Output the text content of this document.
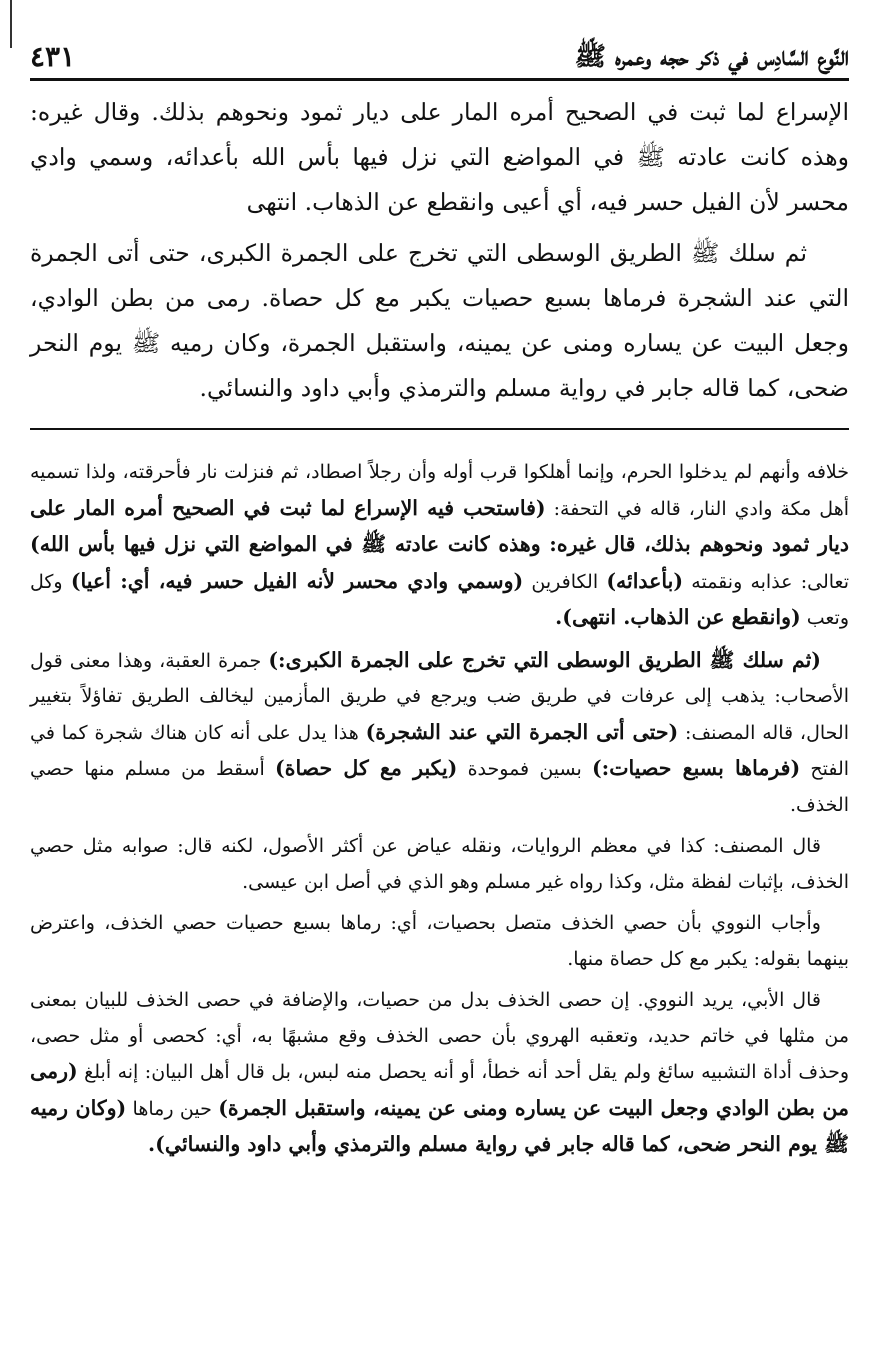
النَّوع السَّادِس في ذكر حجه وعمره ﷺ
٤٣١

الإسراع لما ثبت في الصحيح أمره المار على ديار ثمود ونحوهم بذلك. وقال غيره: وهذه كانت عادته ﷺ في المواضع التي نزل فيها بأس الله بأعدائه، وسمي وادي محسر لأن الفيل حسر فيه، أي أعيى وانقطع عن الذهاب. انتهى

ثم سلك ﷺ الطريق الوسطى التي تخرج على الجمرة الكبرى، حتى أتى الجمرة التي عند الشجرة فرماها بسبع حصيات يكبر مع كل حصاة. رمى من بطن الوادي، وجعل البيت عن يساره ومنى عن يمينه، واستقبل الجمرة، وكان رميه ﷺ يوم النحر ضحى، كما قاله جابر في رواية مسلم والترمذي وأبي داود والنسائي.

خلافه وأنهم لم يدخلوا الحرم، وإنما أهلكوا قرب أوله وأن رجلاً اصطاد، ثم فنزلت نار فأحرقته، ولذا تسميه أهل مكة وادي النار، قاله في التحفة: (فاستحب فيه الإسراع لما ثبت في الصحيح أمره المار على ديار ثمود ونحوهم بذلك، قال غيره: وهذه كانت عادته ﷺ في المواضع التي نزل فيها بأس الله) تعالى: عذابه ونقمته (بأعدائه) الكافرين (وسمي وادي محسر لأنه الفيل حسر فيه، أي: أعيا) وكل وتعب (وانقطع عن الذهاب. انتهى).

(ثم سلك ﷺ الطريق الوسطى التي تخرج على الجمرة الكبرى:) جمرة العقبة، وهذا معنى قول الأصحاب: يذهب إلى عرفات في طريق ضب ويرجع في طريق المأزمين ليخالف الطريق تفاؤلاً بتغيير الحال، قاله المصنف: (حتى أتى الجمرة التي عند الشجرة) هذا يدل على أنه كان هناك شجرة كما في الفتح (فرماها بسبع حصيات:) بسين فموحدة (يكبر مع كل حصاة) أسقط من مسلم منها حصي الخذف.

قال المصنف: كذا في معظم الروايات، ونقله عياض عن أكثر الأصول، لكنه قال: صوابه مثل حصي الخذف، بإثبات لفظة مثل، وكذا رواه غير مسلم وهو الذي في أصل ابن عيسى.

وأجاب النووي بأن حصي الخذف متصل بحصيات، أي: رماها بسبع حصيات حصي الخذف، واعترض بينهما بقوله: يكبر مع كل حصاة منها.

قال الأبي، يريد النووي. إن حصى الخذف بدل من حصيات، والإضافة في حصى الخذف للبيان بمعنى من مثلها في خاتم حديد، وتعقبه الهروي بأن حصى الخذف وقع مشبهًا به، أي: كحصى أو مثل حصى، وحذف أداة التشبيه سائغ ولم يقل أحد أنه خطأ، أو أنه يحصل منه لبس، بل قال أهل البيان: إنه أبلغ (رمى من بطن الوادي وجعل البيت عن يساره ومنى عن يمينه، واستقبل الجمرة) حين رماها (وكان رميه ﷺ يوم النحر ضحى، كما قاله جابر في رواية مسلم والترمذي وأبي داود والنسائي).
